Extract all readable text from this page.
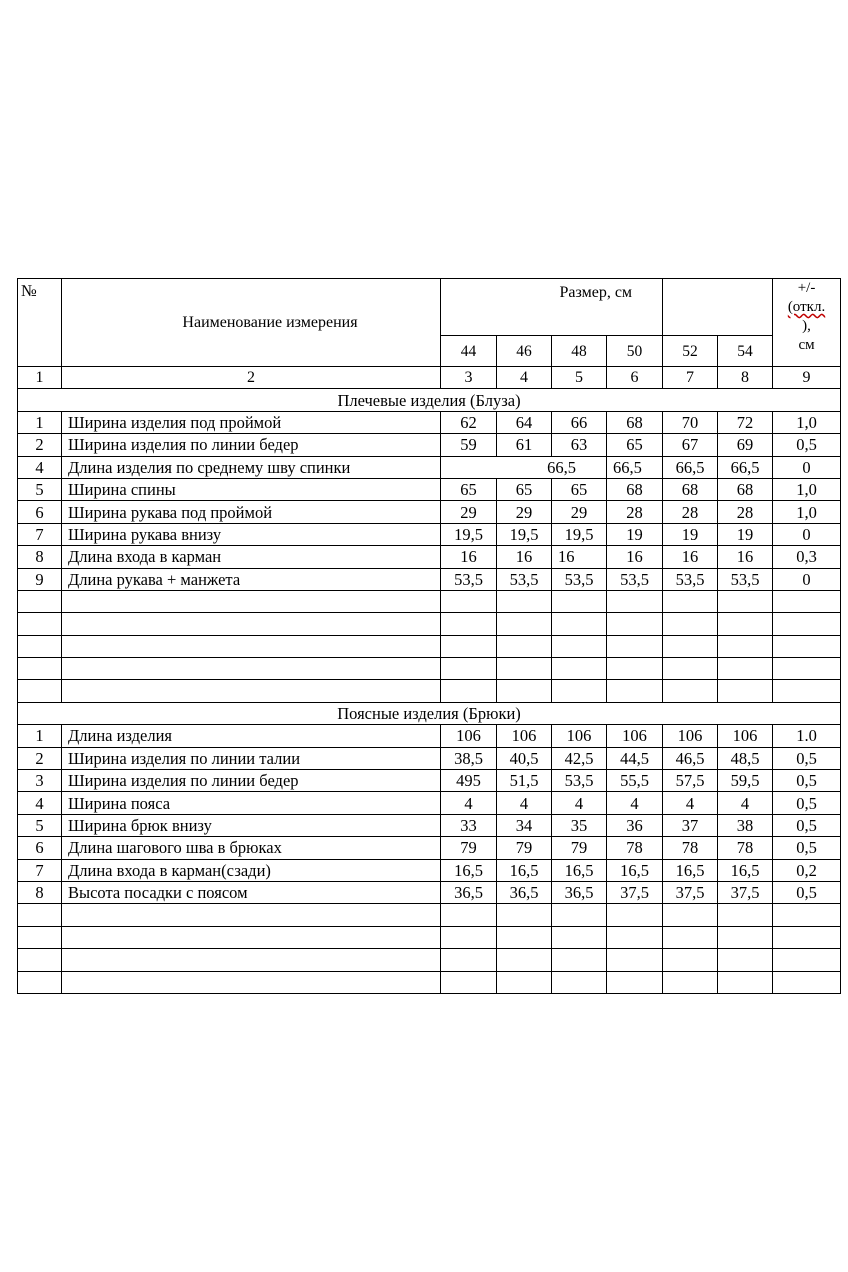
№	Наименование измерения			Размер, см				+/-
(откл.
),
см

		44	46	48	50	52	54	
1	2	3	4	5	6	7	8	9
Плечевые изделия (Блуза)								
1	Ширина изделия под проймой	62	64	66	68	70	72	1,0
2	Ширина изделия по линии бедер	59	61	63	65	67	69	0,5
4	Длина изделия по среднему шву спинки	66,5			66,5	66,5	66,5	0
5	Ширина спины	65	65	65	68	68	68	1,0
6	Ширина рукава под проймой	29	29	29	28	28	28	1,0
7	Ширина рукава внизу	19,5	19,5	19,5	19	19	19	0
8	Длина входа в карман	16	16	16	16	16	16	0,3
9	Длина рукава + манжета	53,5	53,5	53,5	53,5	53,5	53,5	0

Поясные изделия (Брюки)								
1	Длина изделия	106	106	106	106	106	106	1.0
2	Ширина изделия по линии талии	38,5	40,5	42,5	44,5	46,5	48,5	0,5
3	Ширина изделия по линии бедер	495	51,5	53,5	55,5	57,5	59,5	0,5
4	Ширина пояса	4	4	4	4	4	4	0,5
5	Ширина брюк внизу	33	34	35	36	37	38	0,5
6	Длина шагового шва в брюках	79	79	79	78	78	78	0,5
7	Длина входа в карман(сзади)	16,5	16,5	16,5	16,5	16,5	16,5	0,2
8	Высота посадки с поясом	36,5	36,5	36,5	37,5	37,5	37,5	0,5
